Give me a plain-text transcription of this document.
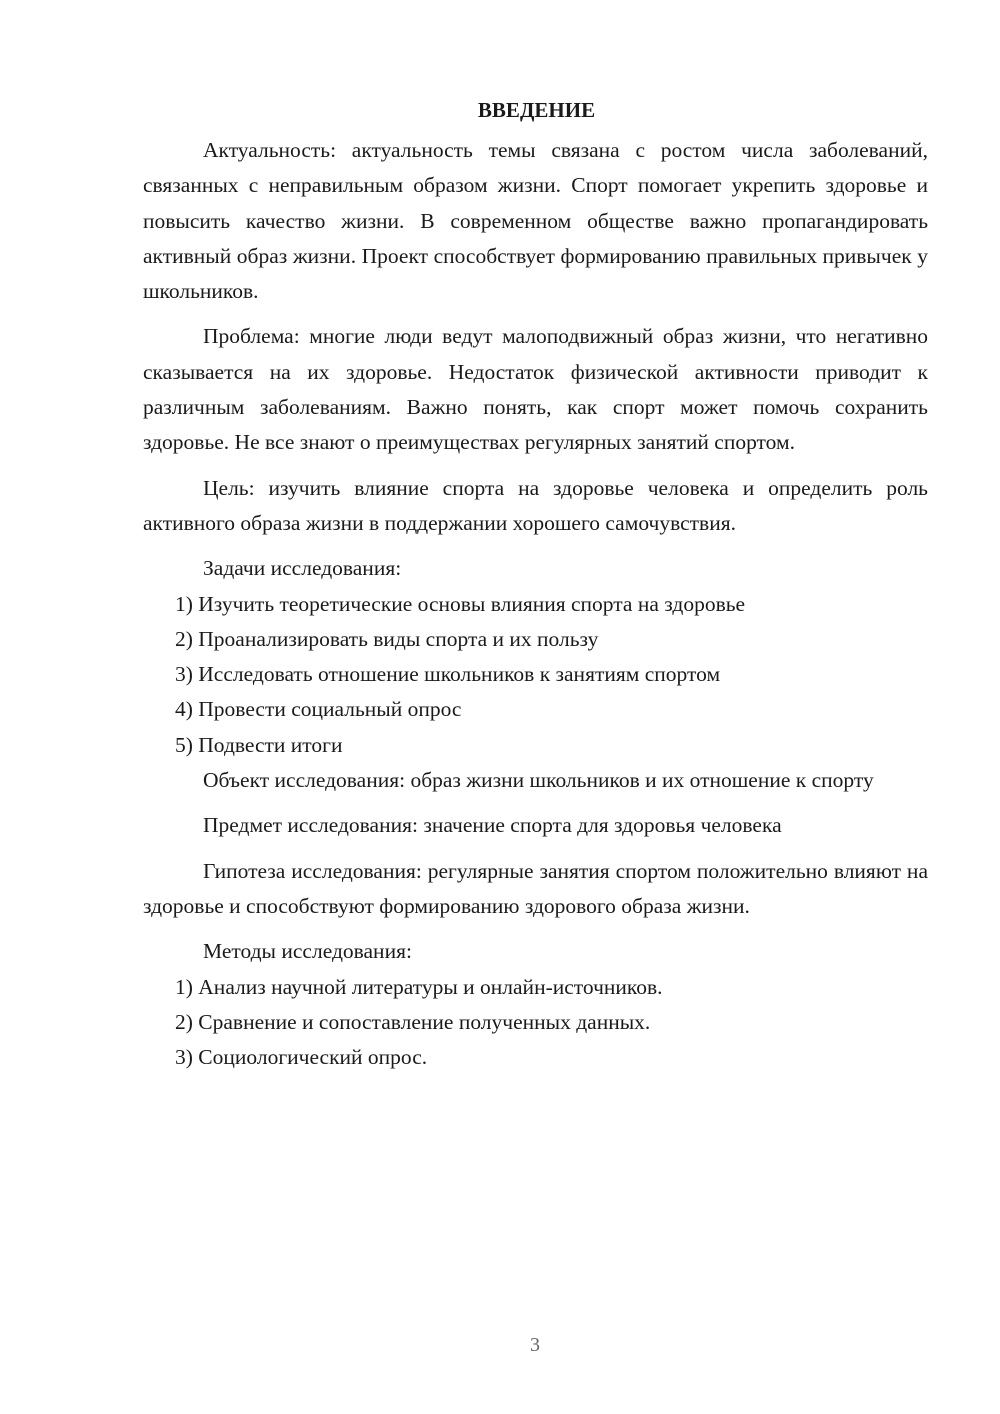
ВВЕДЕНИЕ

Актуальность: актуальность темы связана с ростом числа заболеваний, связанных с неправильным образом жизни. Спорт помогает укрепить здоровье и повысить качество жизни. В современном обществе важно пропагандировать активный образ жизни. Проект способствует формированию правильных привычек у школьников.

Проблема: многие люди ведут малоподвижный образ жизни, что негативно сказывается на их здоровье. Недостаток физической активности приводит к различным заболеваниям. Важно понять, как спорт может помочь сохранить здоровье. Не все знают о преимуществах регулярных занятий спортом.

Цель: изучить влияние спорта на здоровье человека и определить роль активного образа жизни в поддержании хорошего самочувствия.

Задачи исследования:

1) Изучить теоретические основы влияния спорта на здоровье

2) Проанализировать виды спорта и их пользу

3) Исследовать отношение школьников к занятиям спортом

4) Провести социальный опрос

5) Подвести итоги

Объект исследования: образ жизни школьников и их отношение к спорту

Предмет исследования: значение спорта для здоровья человека

Гипотеза исследования: регулярные занятия спортом положительно влияют на здоровье и способствуют формированию здорового образа жизни.

Методы исследования:

1) Анализ научной литературы и онлайн-источников.

2) Сравнение и сопоставление полученных данных.

3) Социологический опрос.

3
